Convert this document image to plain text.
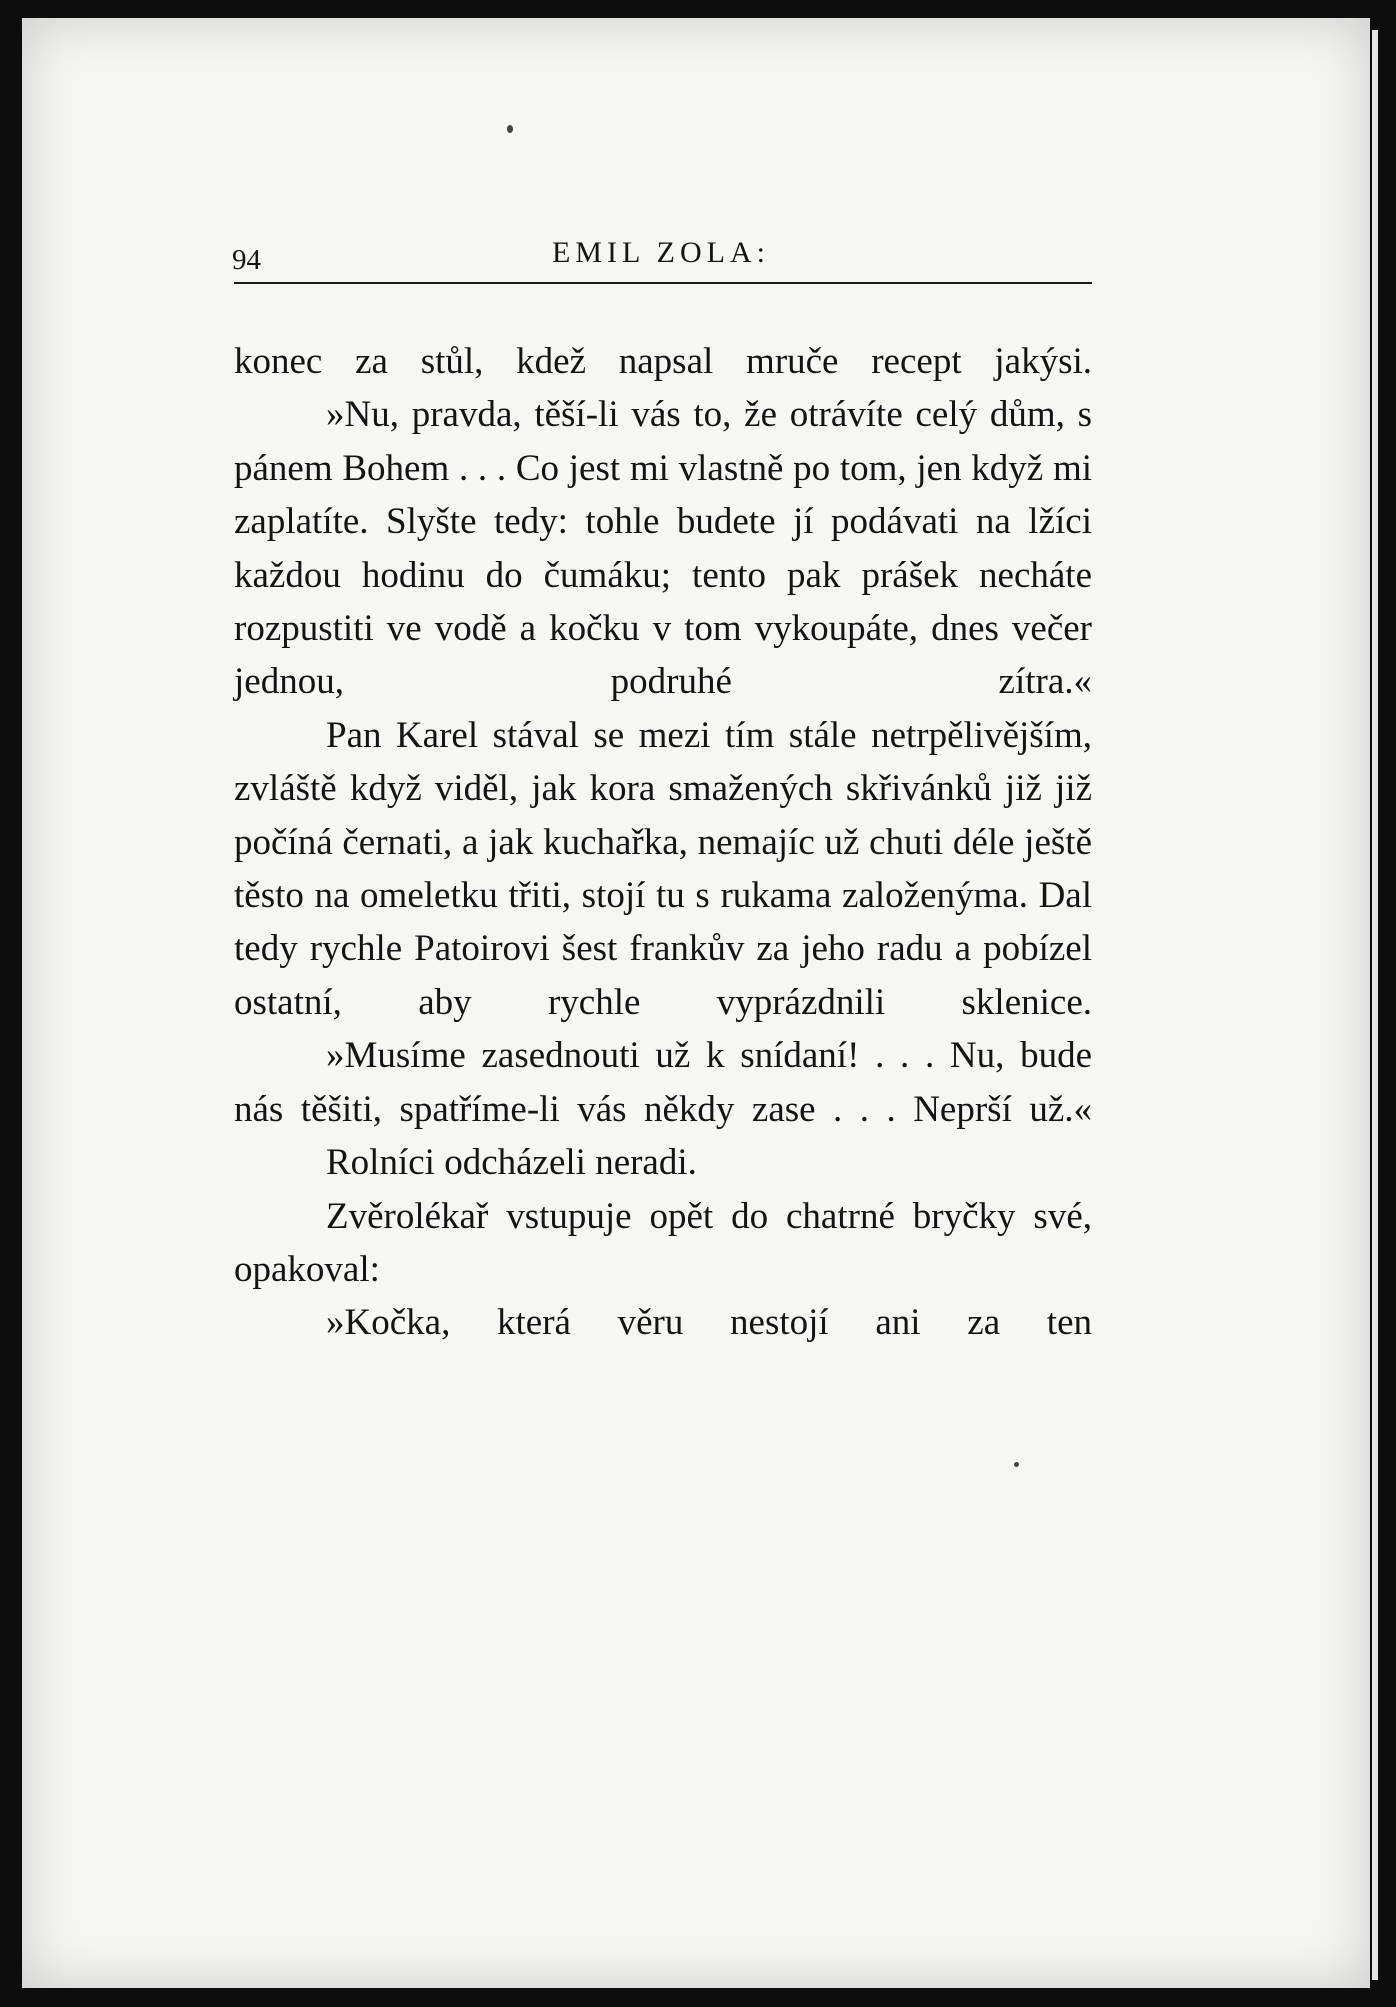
94	EMIL ZOLA:

konec za stůl, kdež napsal mruče recept jakýsi.

»Nu, pravda, těší-li vás to, že otrávíte celý dům, s pánem Bohem . . . Co jest mi vlastně po tom, jen když mi zaplatíte. Slyšte tedy: tohle budete jí podávati na lžíci každou hodinu do čumáku; tento pak prášek necháte rozpustiti ve vodě a kočku v tom vykoupáte, dnes večer jednou, podruhé zítra.«

Pan Karel stával se mezi tím stále netrpělivějším, zvláště když viděl, jak kora smažených skřivánků již již počíná černati, a jak kuchařka, nemajíc už chuti déle ještě těsto na omeletku třiti, stojí tu s rukama založenýma. Dal tedy rychle Patoirovi šest frankův za jeho radu a pobízel ostatní, aby rychle vyprázdnili sklenice.

»Musíme zasednouti už k snídaní! . . . Nu, bude nás těšiti, spatříme-li vás někdy zase . . . Neprší už.«

Rolníci odcházeli neradi.

Zvěrolékař vstupuje opět do chatrné bryčky své, opakoval:

»Kočka, která věru nestojí ani za ten
